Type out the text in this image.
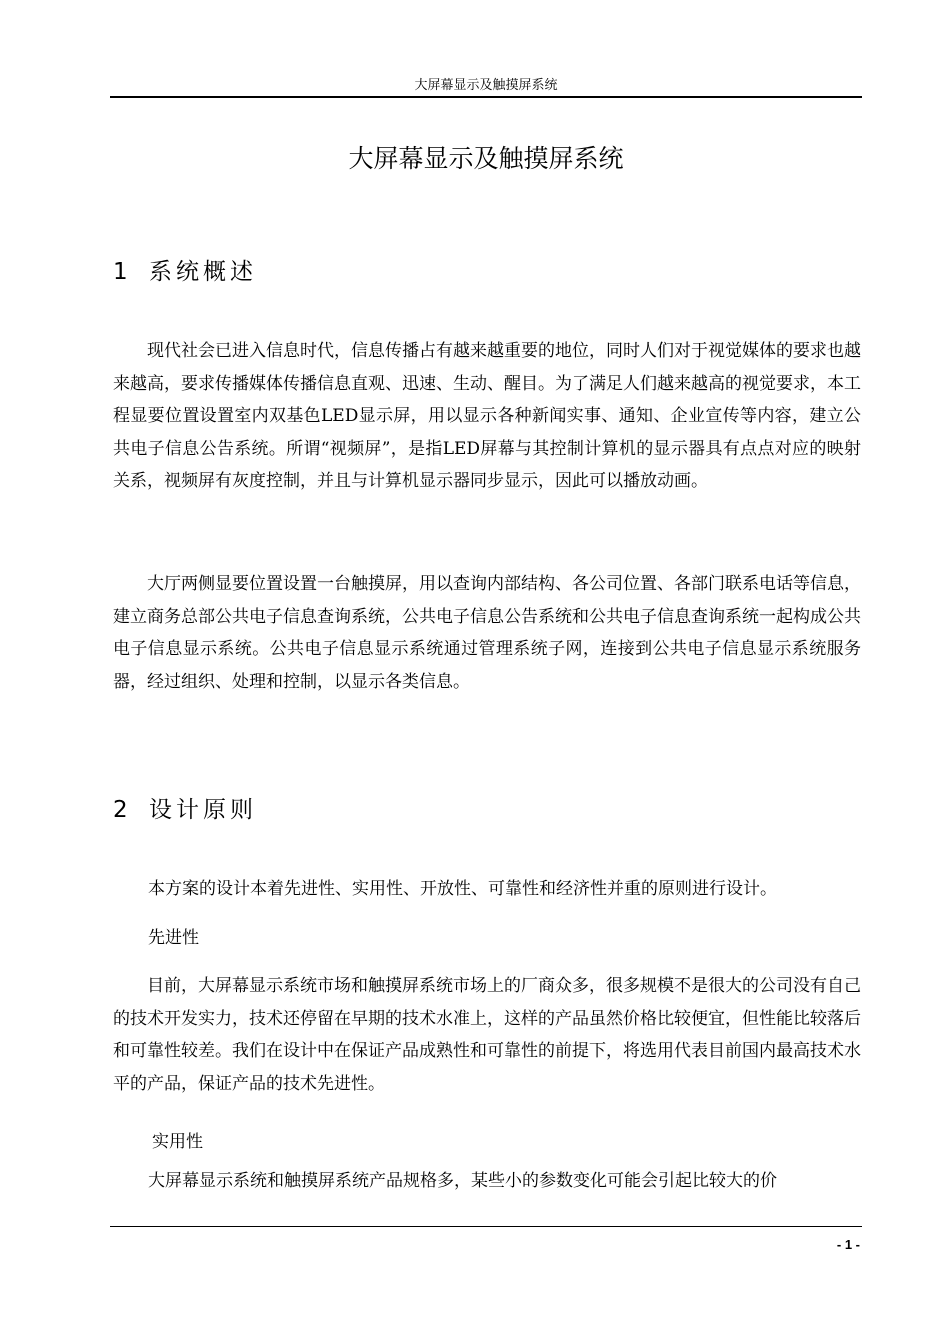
大屏幕显示及触摸屏系统
大屏幕显示及触摸屏系统
1 系统概述

现代社会已进入信息时代，信息传播占有越来越重要的地位，同时人们对于视觉媒体的要求也越来越高，要求传播媒体传播信息直观、迅速、生动、醒目。为了满足人们越来越高的视觉要求，本工程显要位置设置室内双基色LED显示屏，用以显示各种新闻实事、通知、企业宣传等内容，建立公共电子信息公告系统。所谓“视频屏”，是指LED屏幕与其控制计算机的显示器具有点点对应的映射关系，视频屏有灰度控制，并且与计算机显示器同步显示，因此可以播放动画。

大厅两侧显要位置设置一台触摸屏，用以查询内部结构、各公司位置、各部门联系电话等信息，建立商务总部公共电子信息查询系统，公共电子信息公告系统和公共电子信息查询系统一起构成公共电子信息显示系统。公共电子信息显示系统通过管理系统子网，连接到公共电子信息显示系统服务器，经过组织、处理和控制，以显示各类信息。

2 设计原则
本方案的设计本着先进性、实用性、开放性、可靠性和经济性并重的原则进行设计。
先进性

目前，大屏幕显示系统市场和触摸屏系统市场上的厂商众多，很多规模不是很大的公司没有自己的技术开发实力，技术还停留在早期的技术水准上，这样的产品虽然价格比较便宜，但性能比较落后和可靠性较差。我们在设计中在保证产品成熟性和可靠性的前提下，将选用代表目前国内最高技术水平的产品，保证产品的技术先进性。

实用性
大屏幕显示系统和触摸屏系统产品规格多，某些小的参数变化可能会引起比较大的价
- 1 -
